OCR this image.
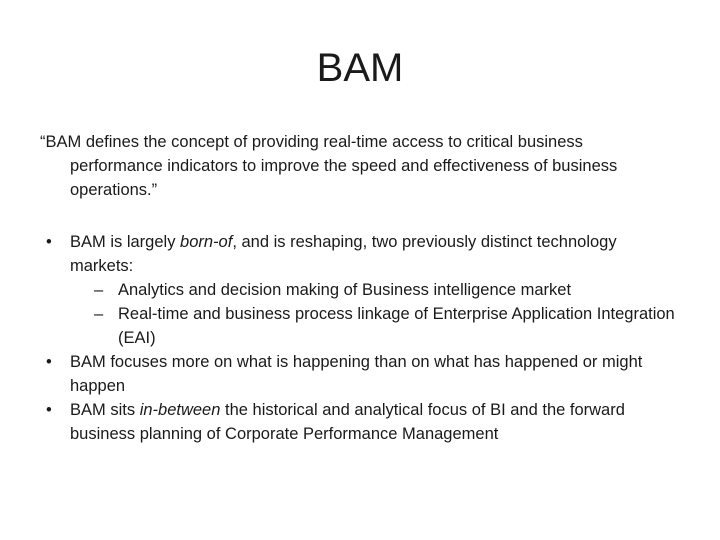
BAM

“BAM defines the concept of providing real-time access to critical business performance indicators to improve the speed and effectiveness of business operations.”

• BAM is largely born-of, and is reshaping, two previously distinct technology markets:

– Analytics and decision making of Business intelligence market

– Real-time and business process linkage of Enterprise Application Integration (EAI)

• BAM focuses more on what is happening than on what has happened or might happen

• BAM sits in-between the historical and analytical focus of BI and the forward business planning of Corporate Performance Management
